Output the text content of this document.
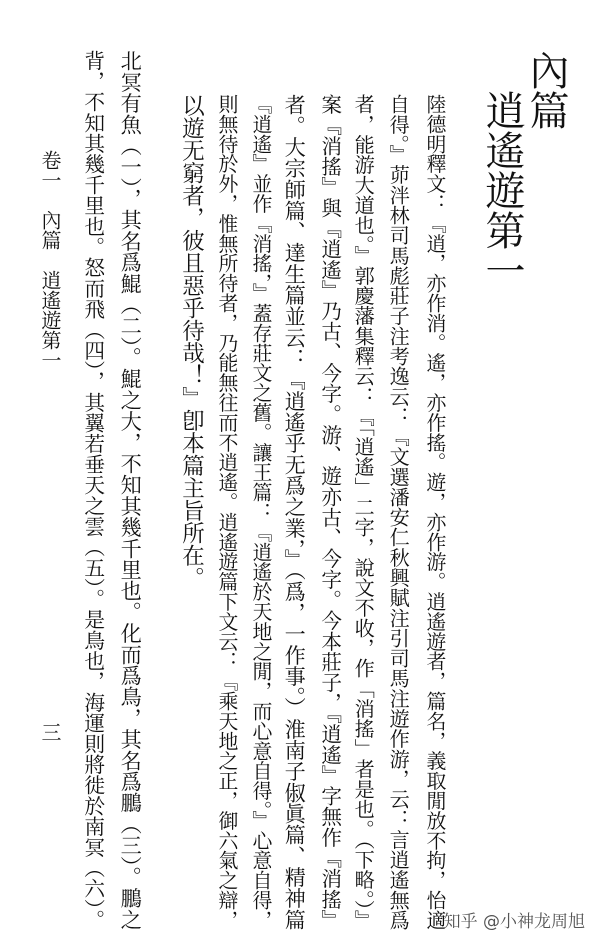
內篇
逍遙遊第一
陸德明釋文：『逍，亦作消。遙，亦作搖。遊，亦作游。逍遙遊者，篇名，義取閒放不拘，怡適
自得。』茆泮林司馬彪莊子注考逸云：『文選潘安仁秋興賦注引司馬注遊作游，云：言逍遙無爲
者，能游大道也。』郭慶藩集釋云：『「逍遙」二字，說文不收，作「消搖」者是也。（下略。）』
案『消搖』與『逍遙』乃古、今字。游、遊亦古、今字。今本莊子，『逍遙』字無作『消搖』
者。大宗師篇、達生篇並云：『逍遙乎无爲之業，』（爲，一作事。）淮南子俶眞篇、精神篇
『逍遙』並作『消搖，』蓋存莊文之舊。讓王篇：『逍遙於天地之閒，而心意自得。』心意自得，
則無待於外，惟無所待者，乃能無往而不逍遙。逍遙遊篇下文云：『乘天地之正，御六氣之辯，
以遊无窮者，彼且惡乎待哉！』卽本篇主旨所在。
北冥有魚（一），其名爲鯤（二）。鯤之大，不知其幾千里也。化而爲鳥，其名爲鵬（三）。鵬之
背，不知其幾千里也。怒而飛（四），其翼若垂天之雲（五）。是鳥也，海運則將徙於南冥（六）。
卷一　內篇　逍遙遊第一
三
知乎 @小神龙周旭
